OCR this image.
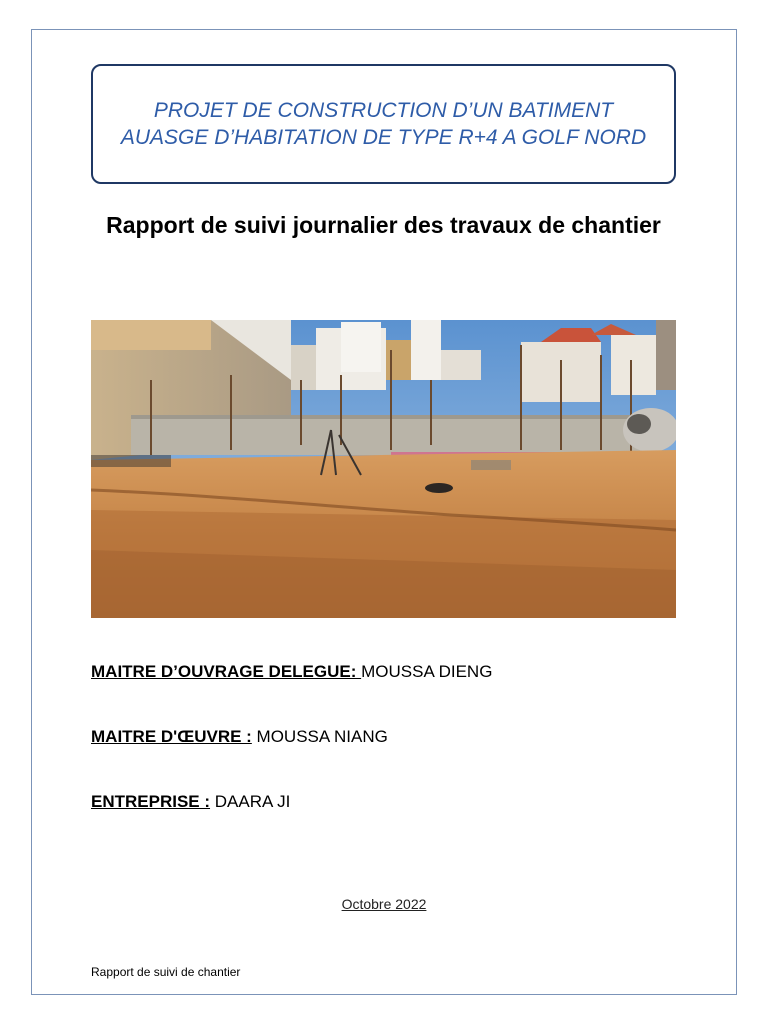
PROJET DE CONSTRUCTION D’UN BATIMENT AUASGE D’HABITATION DE TYPE R+4 A GOLF NORD
Rapport de suivi journalier des travaux de chantier
MAITRE D’OUVRAGE DELEGUE: MOUSSA DIENG
MAITRE D'ŒUVRE : MOUSSA NIANG
ENTREPRISE : DAARA JI
Octobre 2022
Rapport de suivi de chantier
